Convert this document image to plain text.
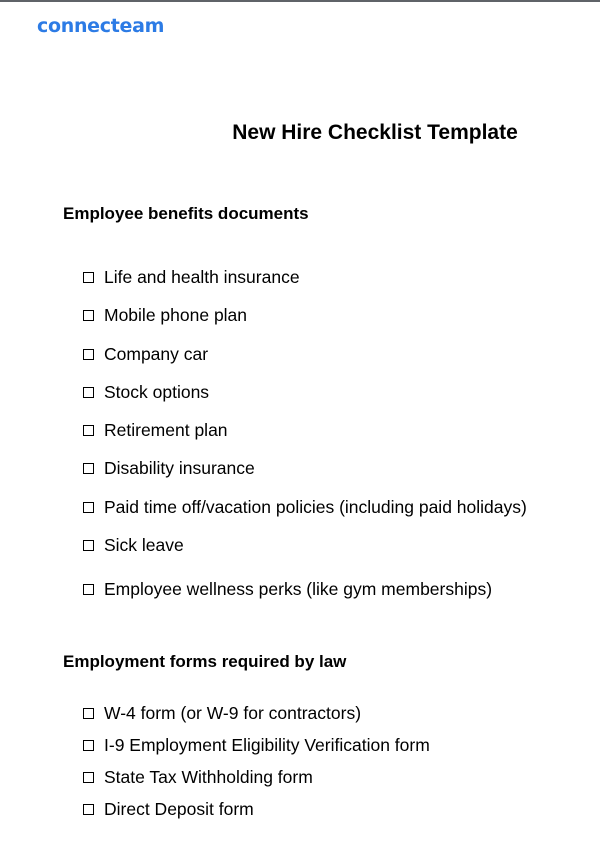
connecteam
New Hire Checklist Template
Employee benefits documents
Life and health insurance
Mobile phone plan
Company car
Stock options
Retirement plan
Disability insurance
Paid time off/vacation policies (including paid holidays)
Sick leave
Employee wellness perks (like gym memberships)
Employment forms required by law
W-4 form (or W-9 for contractors)
I-9 Employment Eligibility Verification form
State Tax Withholding form
Direct Deposit form
